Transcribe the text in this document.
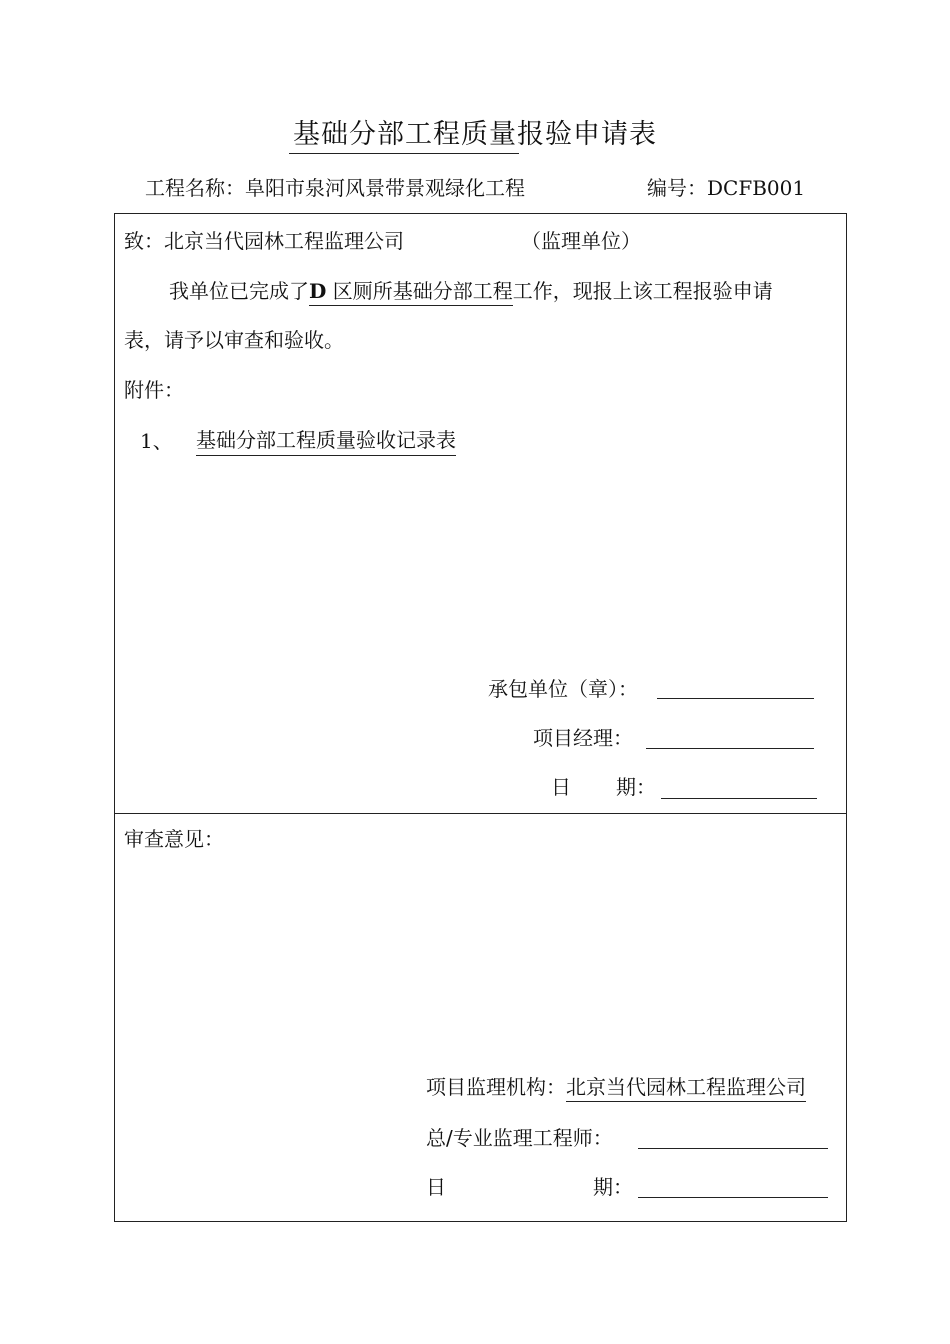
基础分部工程质量报验申请表
工程名称：阜阳市泉河风景带景观绿化工程	编号：DCFB001
致：北京当代园林工程监理公司	（监理单位）
我单位已完成了D 区厕所基础分部工程工作，现报上该工程报验申请
表，请予以审查和验收。
附件：
1、 基础分部工程质量验收记录表
承包单位（章）：
项目经理：
日 期：
审查意见：
项目监理机构：北京当代园林工程监理公司
总/专业监理工程师：
日	期：
